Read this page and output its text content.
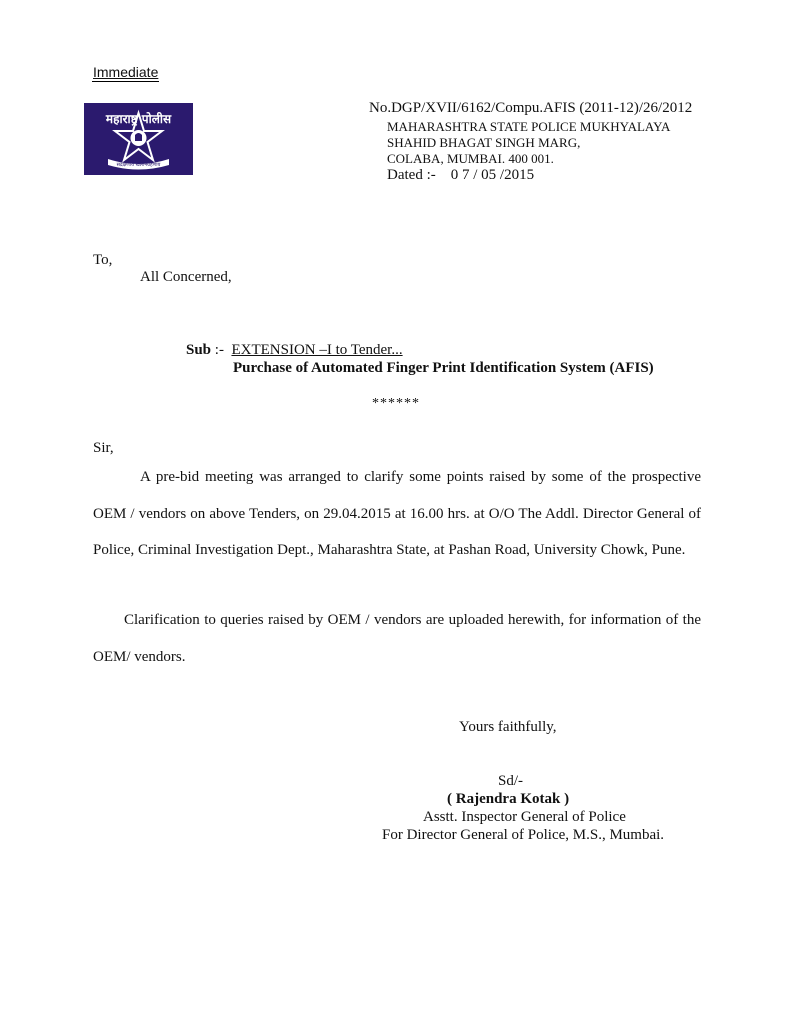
Immediate
महाराष्ट्र पोलीस
सद्रक्षणाय खलनिग्रहणाय
No.DGP/XVII/6162/Compu.AFIS (2011-12)/26/2012
MAHARASHTRA STATE POLICE MUKHYALAYA
SHAHID BHAGAT SINGH MARG,
COLABA, MUMBAI. 400 001.
Dated :-    0 7 / 05 /2015
To,
All Concerned,
Sub :-  EXTENSION –I to Tender...
Purchase of Automated Finger Print Identification System (AFIS)
******
Sir,
A pre-bid meeting was arranged to clarify some points raised by some of the prospective OEM / vendors on above Tenders, on 29.04.2015 at 16.00 hrs. at O/O The Addl. Director General of Police, Criminal Investigation Dept., Maharashtra State, at Pashan Road, University Chowk, Pune.
Clarification to queries raised by OEM / vendors are uploaded herewith, for information of the OEM/ vendors.
Yours faithfully,
Sd/-
( Rajendra Kotak )
Asstt. Inspector General of Police
For Director General of Police, M.S., Mumbai.
